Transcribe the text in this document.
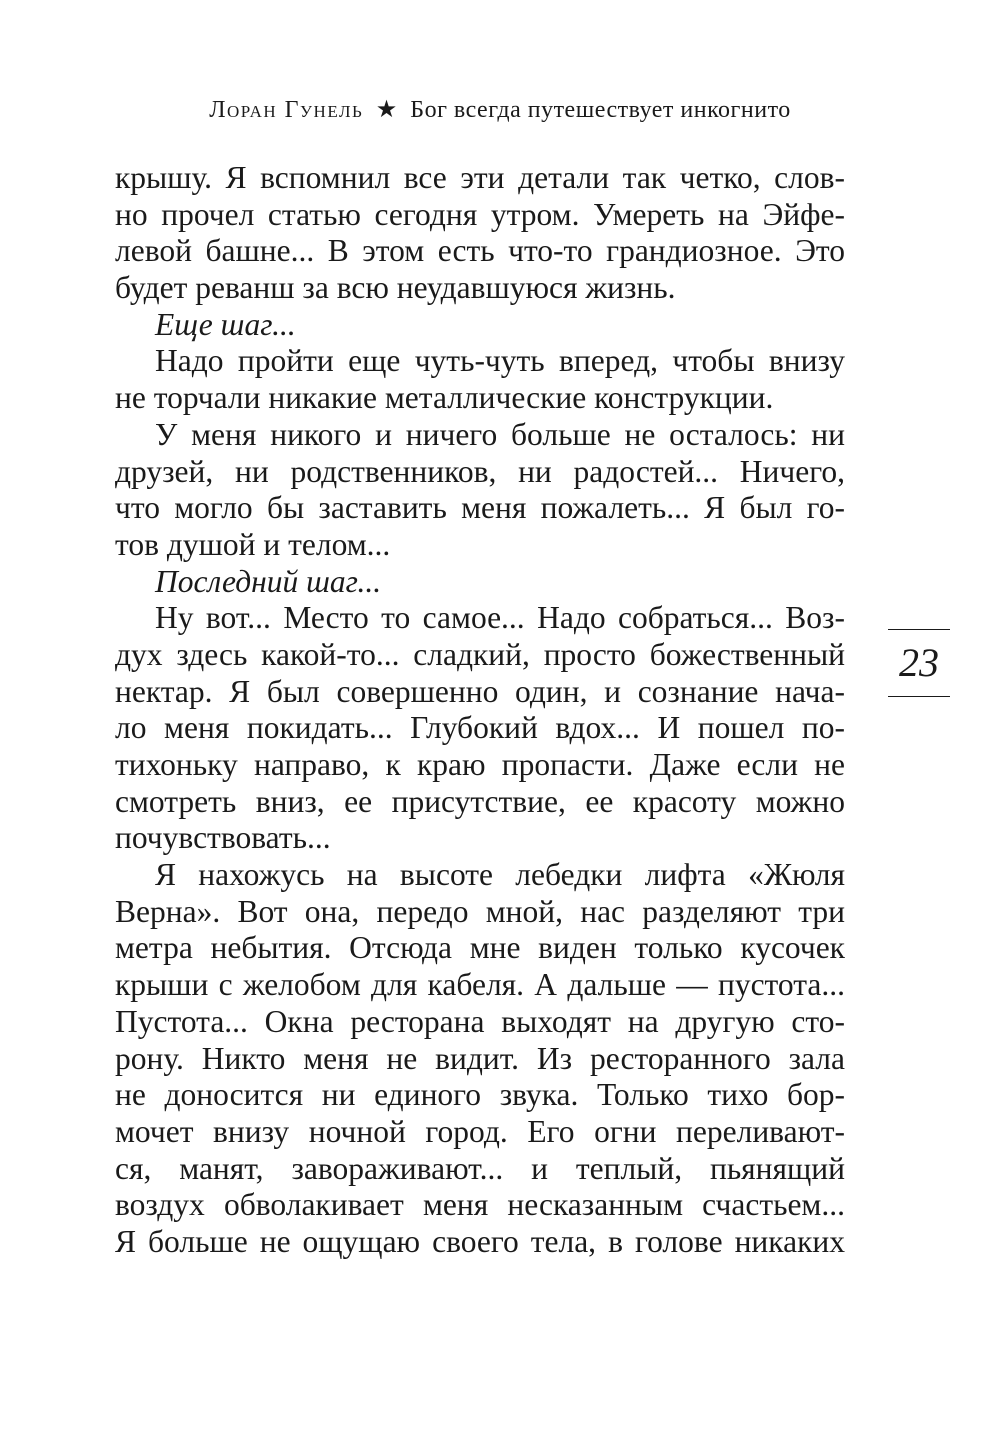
Лоран Гунель ★ Бог всегда путешествует инкогнито
крышу. Я вспомнил все эти детали так четко, слов-
но прочел статью сегодня утром. Умереть на Эйфе-
левой башне... В этом есть что-то грандиозное. Это
будет реванш за всю неудавшуюся жизнь.
Еще шаг...
Надо пройти еще чуть-чуть вперед, чтобы внизу
не торчали никакие металлические конструкции.
У меня никого и ничего больше не осталось: ни
друзей, ни родственников, ни радостей... Ничего,
что могло бы заставить меня пожалеть... Я был го-
тов душой и телом...
Последний шаг...
Ну вот... Место то самое... Надо собраться... Воз-
дух здесь какой-то... сладкий, просто божественный
нектар. Я был совершенно один, и сознание нача-
ло меня покидать... Глубокий вдох... И пошел по-
тихоньку направо, к краю пропасти. Даже если не
смотреть вниз, ее присутствие, ее красоту можно
почувствовать...
Я нахожусь на высоте лебедки лифта «Жюля
Верна». Вот она, передо мной, нас разделяют три
метра небытия. Отсюда мне виден только кусочек
крыши с желобом для кабеля. А дальше — пустота...
Пустота... Окна ресторана выходят на другую сто-
рону. Никто меня не видит. Из ресторанного зала
не доносится ни единого звука. Только тихо бор-
мочет внизу ночной город. Его огни переливают-
ся, манят, завораживают... и теплый, пьянящий
воздух обволакивает меня несказанным счастьем...
Я больше не ощущаю своего тела, в голове никаких
23
